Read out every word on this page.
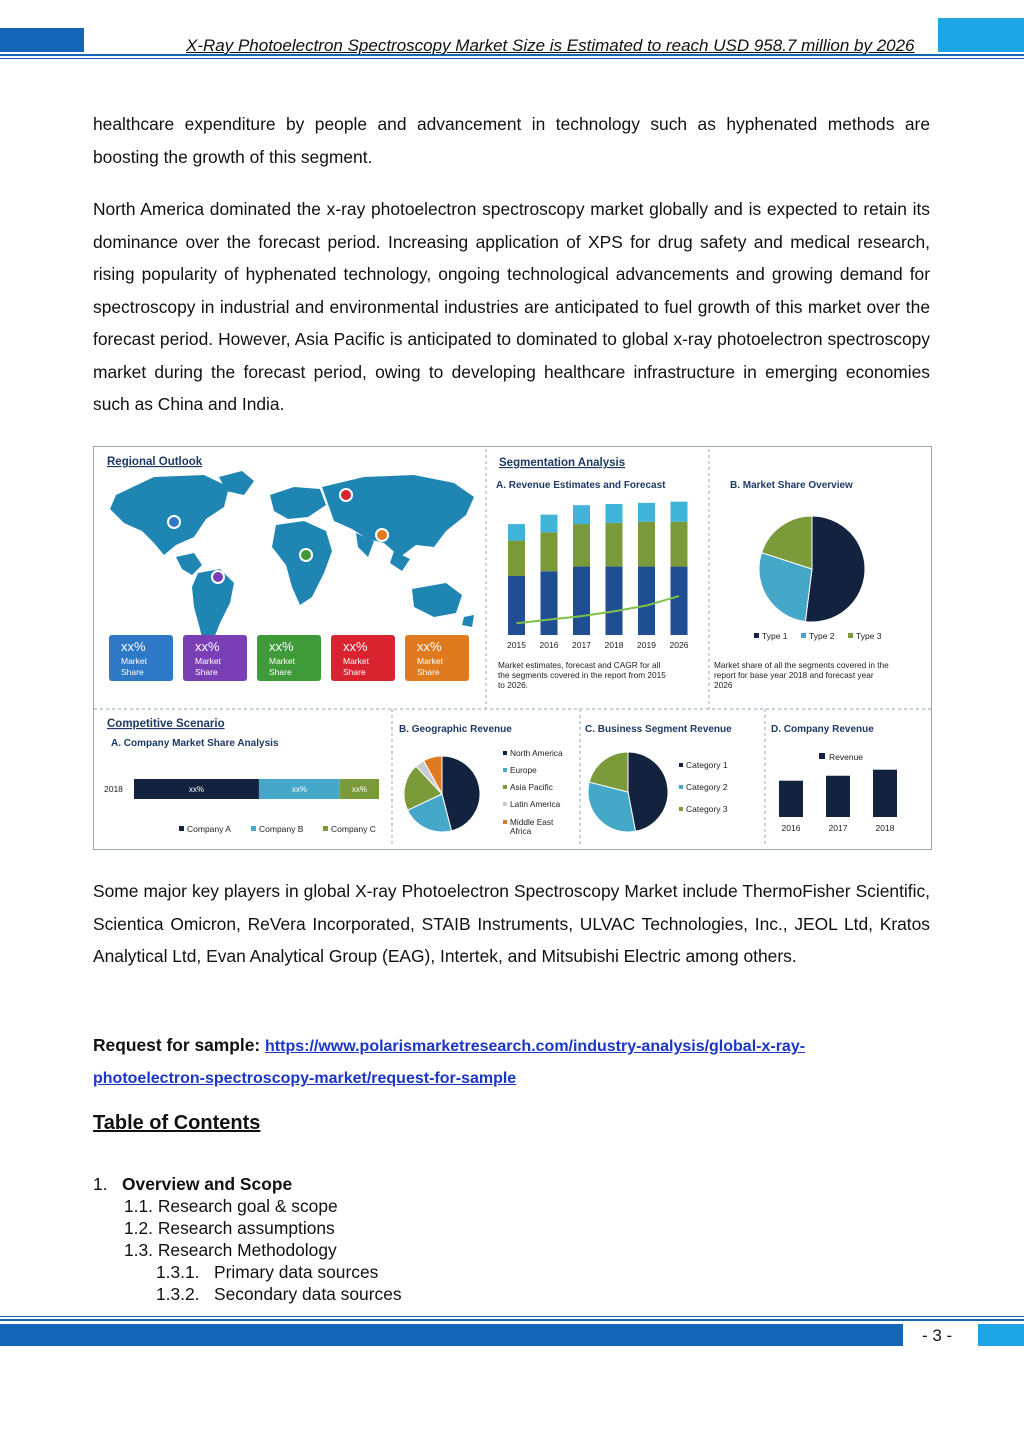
X-Ray Photoelectron Spectroscopy Market Size is Estimated to reach USD 958.7 million by 2026
healthcare expenditure by people and advancement in technology such as hyphenated methods are boosting the growth of this segment.
North America dominated the x-ray photoelectron spectroscopy market globally and is expected to retain its dominance over the forecast period. Increasing application of XPS for drug safety and medical research, rising popularity of hyphenated technology, ongoing technological advancements and growing demand for spectroscopy in industrial and environmental industries are anticipated to fuel growth of this market over the forecast period. However, Asia Pacific is anticipated to dominated to global x-ray photoelectron spectroscopy market during the forecast period, owing to developing healthcare infrastructure in emerging economies such as China and India.
Regional Outlook
xx%
Market
Share
xx%
Market
Share
xx%
Market
Share
xx%
Market
Share
xx%
Market
Share
Segmentation Analysis
A. Revenue Estimates and Forecast
2015 2016 2017 2018 2019 2026
Market estimates, forecast and CAGR for all
the segments covered in the report from 2015
to 2026.
B. Market Share Overview
Type 1	Type 2	Type 3
Market share of all the segments covered in the
report for base year 2018 and forecast year
2026
Competitive Scenario
A. Company Market Share Analysis
2018	xx%	xx%	xx%
Company A	Company B	Company C
B. Geographic Revenue
North America
Europe
Asia Pacific
Latin America
Middle East
Africa
C. Business Segment Revenue
Category 1
Category 2
Category 3
D. Company Revenue
Revenue
2016	2017	2018
Some major key players in global X-ray Photoelectron Spectroscopy Market include ThermoFisher Scientific, Scientica Omicron, ReVera Incorporated, STAIB Instruments, ULVAC Technologies, Inc., JEOL Ltd, Kratos Analytical Ltd, Evan Analytical Group (EAG), Intertek, and Mitsubishi Electric among others.
Request for sample: https://www.polarismarketresearch.com/industry-analysis/global-x-ray-
photoelectron-spectroscopy-market/request-for-sample
Table of Contents
1. Overview and Scope
1.1. Research goal & scope
1.2. Research assumptions
1.3. Research Methodology
1.3.1. Primary data sources
1.3.2. Secondary data sources
- 3 -
